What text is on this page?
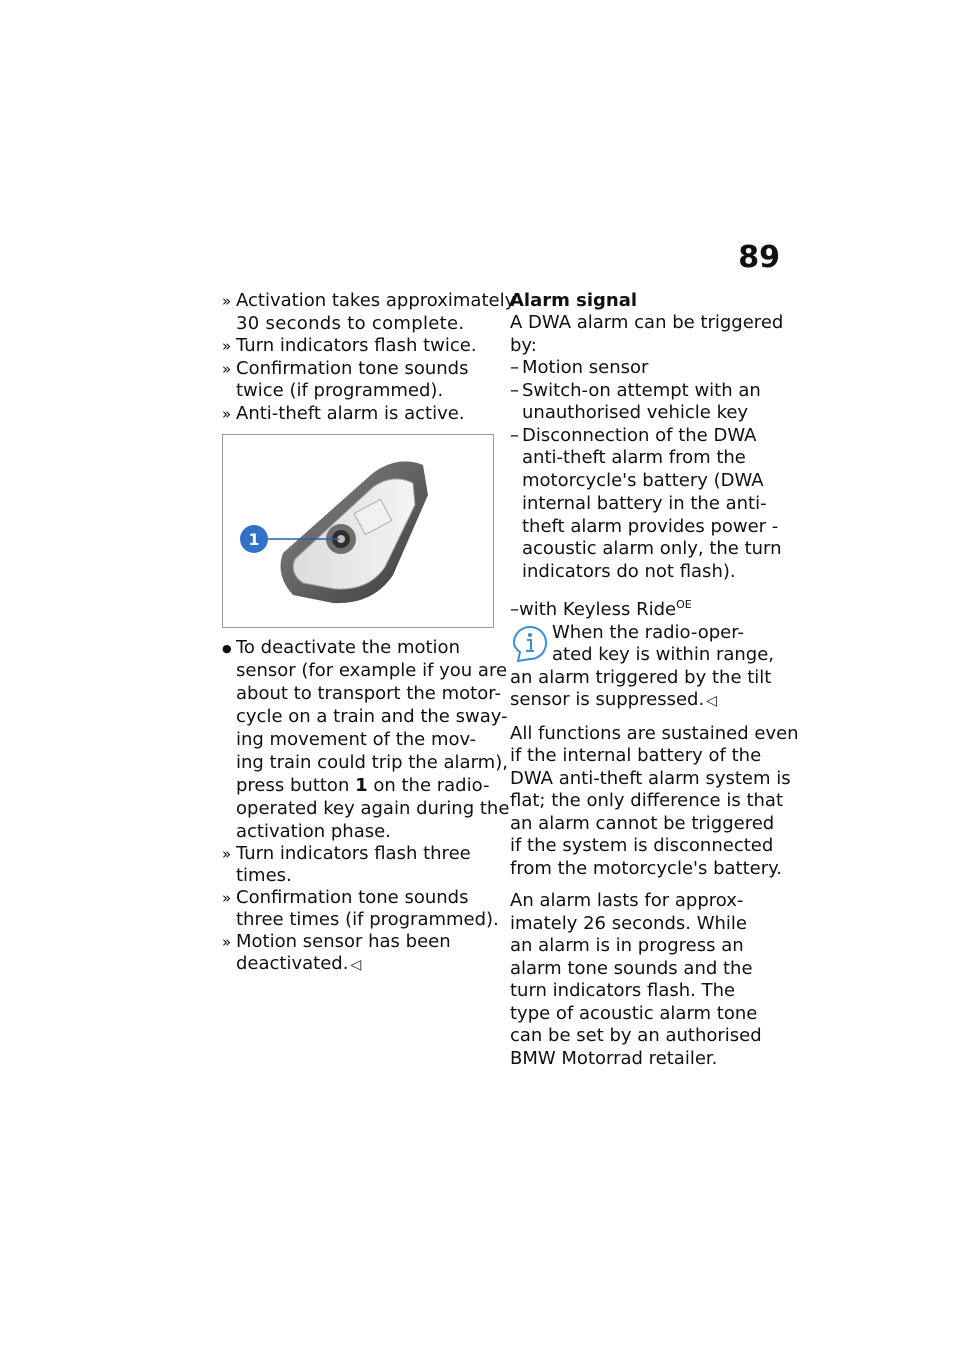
89
» Activation takes approximately
30 seconds to complete.
» Turn indicators flash twice.
» Confirmation tone sounds
twice (if programmed).
» Anti-theft alarm is active.
1
● To deactivate the motion
sensor (for example if you are
about to transport the motor-
cycle on a train and the sway-
ing movement of the mov-
ing train could trip the alarm),
press button 1 on the radio-
operated key again during the
activation phase.
» Turn indicators flash three
times.
» Confirmation tone sounds
three times (if programmed).
» Motion sensor has been
deactivated. ◁
Alarm signal
A DWA alarm can be triggered
by:
– Motion sensor
– Switch-on attempt with an
unauthorised vehicle key
– Disconnection of the DWA
anti-theft alarm from the
motorcycle's battery (DWA
internal battery in the anti-
theft alarm provides power -
acoustic alarm only, the turn
indicators do not flash).
–with Keyless Ride$^{OE}$
When the radio-oper-
ated key is within range,
an alarm triggered by the tilt
sensor is suppressed. ◁
All functions are sustained even
if the internal battery of the
DWA anti-theft alarm system is
flat; the only difference is that
an alarm cannot be triggered
if the system is disconnected
from the motorcycle's battery.
An alarm lasts for approx-
imately 26 seconds. While
an alarm is in progress an
alarm tone sounds and the
turn indicators flash. The
type of acoustic alarm tone
can be set by an authorised
BMW Motorrad retailer.
